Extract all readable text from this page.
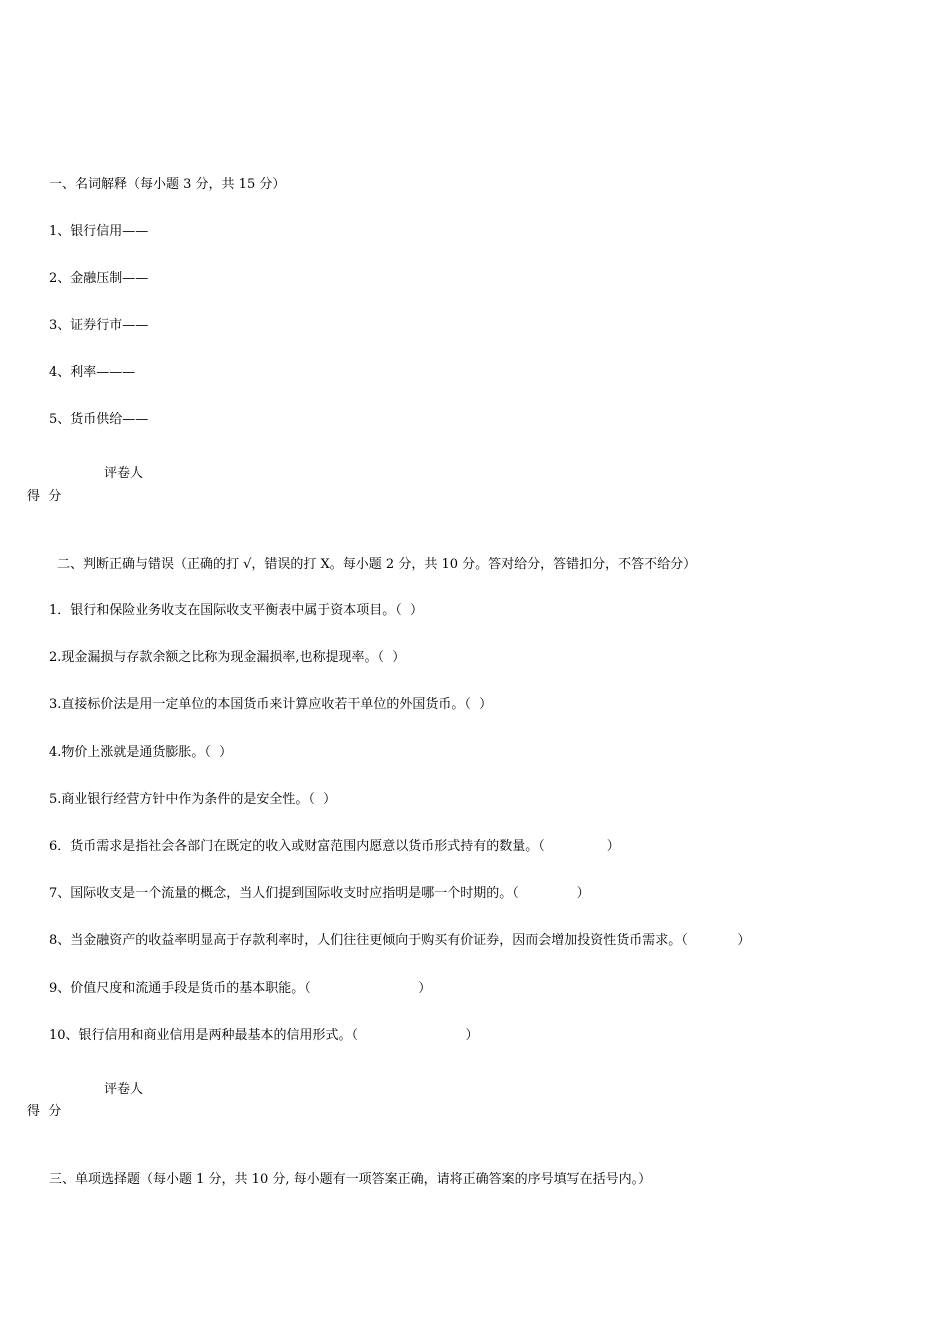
一、名词解释（每小题 3 分，共 15 分）
1、银行信用——
2、金融压制——
3、证券行市——
4、利率———
5、货币供给——
评卷人
得  分
二、判断正确与错误（正确的打 √，错误的打 X。每小题 2 分，共 10 分。答对给分，答错扣分，不答不给分）
1．银行和保险业务收支在国际收支平衡表中属于资本项目。（  ）
2.现金漏损与存款余额之比称为现金漏损率,也称提现率。（  ）
3.直接标价法是用一定单位的本国货币来计算应收若干单位的外国货币。（  ）
4.物价上涨就是通货膨胀。（  ）
5.商业银行经营方针中作为条件的是安全性。（  ）
6．货币需求是指社会各部门在既定的收入或财富范围内愿意以货币形式持有的数量。（               ）
7、国际收支是一个流量的概念，当人们提到国际收支时应指明是哪一个时期的。（              ）
8、当金融资产的收益率明显高于存款利率时，人们往往更倾向于购买有价证券，因而会增加投资性货币需求。（            ）
9、价值尺度和流通手段是货币的基本职能。（                          ）
10、银行信用和商业信用是两种最基本的信用形式。（                          ）
评卷人
得  分
三、单项选择题（每小题 1 分，共 10 分, 每小题有一项答案正确，请将正确答案的序号填写在括号内。）
